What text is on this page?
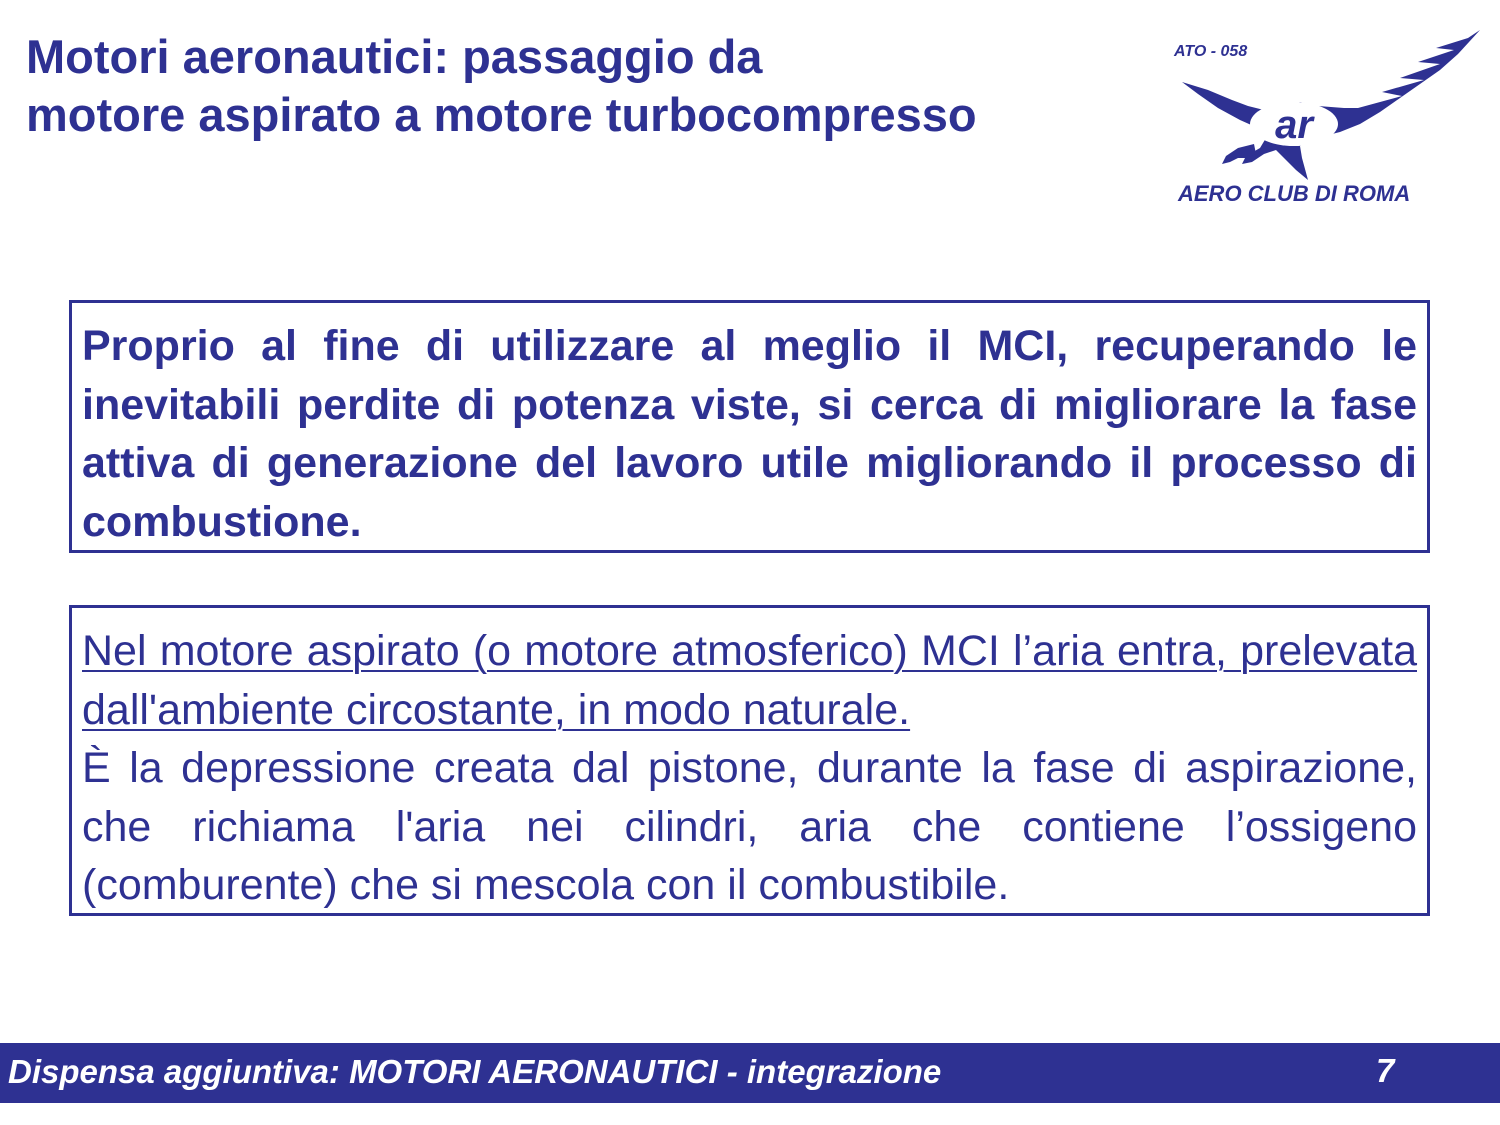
Motori aeronautici: passaggio da
motore aspirato a motore turbocompresso
ATO - 058
ar
AERO CLUB DI ROMA

Proprio al fine di utilizzare al meglio il MCI, recuperando le inevitabili perdite di potenza viste, si cerca di migliorare la fase attiva di generazione del lavoro utile migliorando il processo di combustione.

Nel motore aspirato (o motore atmosferico) MCI l’aria entra, prelevata dall'ambiente circostante, in modo naturale.
È la depressione creata dal pistone, durante la fase di aspirazione, che richiama l'aria nei cilindri, aria che contiene l’ossigeno (comburente) che si mescola con il combustibile.

Dispensa aggiuntiva: MOTORI AERONAUTICI - integrazione	7
